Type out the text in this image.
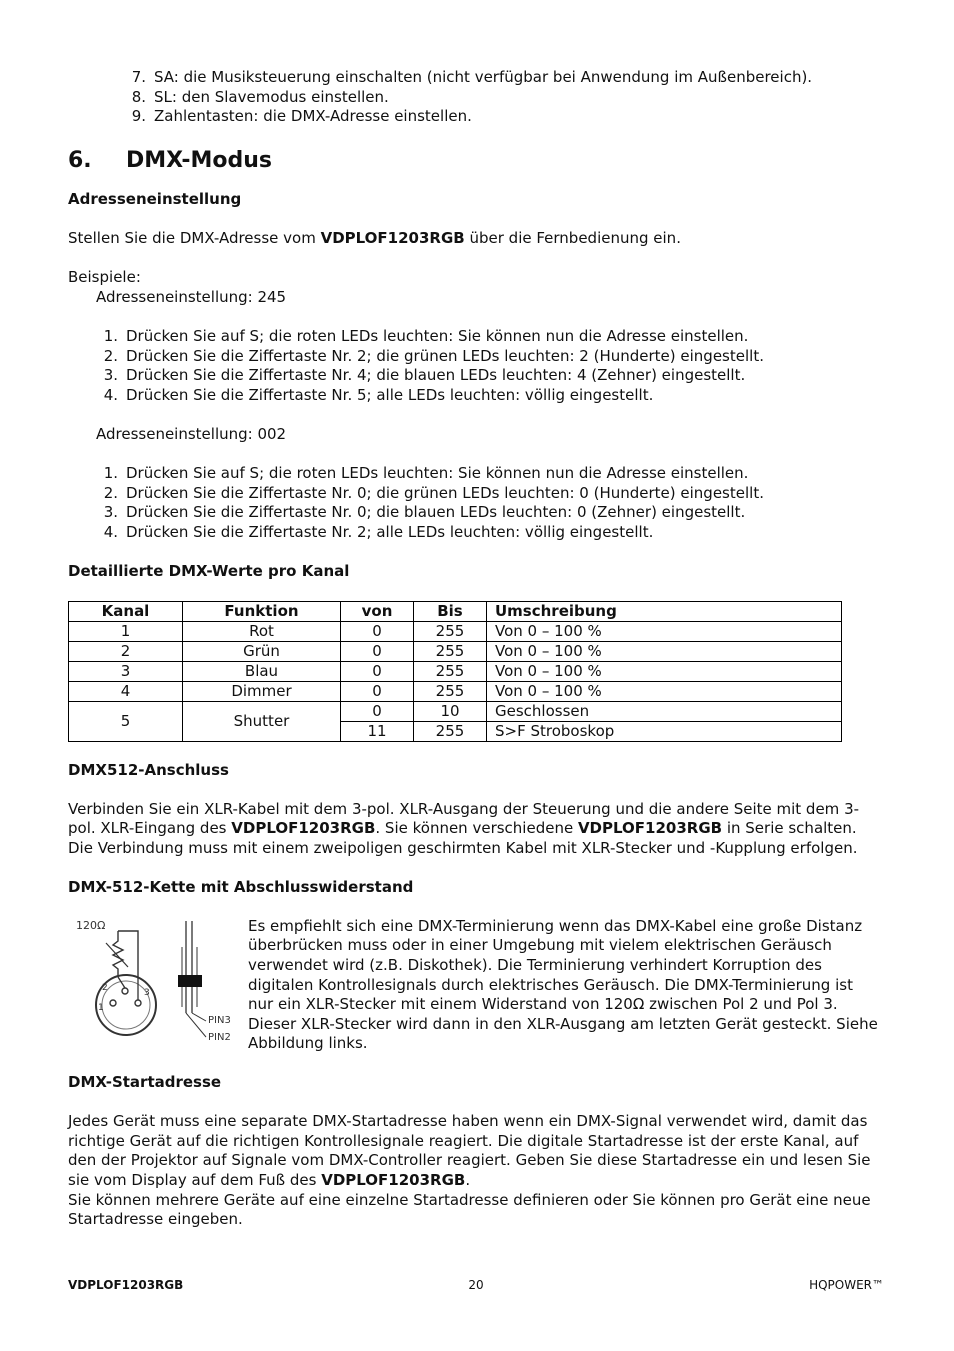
7. SA: die Musiksteuerung einschalten (nicht verfügbar bei Anwendung im Außenbereich).
8. SL: den Slavemodus einstellen.
9. Zahlentasten: die DMX-Adresse einstellen.
6. DMX-Modus
Adresseneinstellung

Stellen Sie die DMX-Adresse vom VDPLOF1203RGB über die Fernbedienung ein.

Beispiele:

Adresseneinstellung: 245

1. Drücken Sie auf S; die roten LEDs leuchten: Sie können nun die Adresse einstellen.
2. Drücken Sie die Ziffertaste Nr. 2; die grünen LEDs leuchten: 2 (Hunderte) eingestellt.
3. Drücken Sie die Ziffertaste Nr. 4; die blauen LEDs leuchten: 4 (Zehner) eingestellt.
4. Drücken Sie die Ziffertaste Nr. 5; alle LEDs leuchten: völlig eingestellt.

Adresseneinstellung: 002

1. Drücken Sie auf S; die roten LEDs leuchten: Sie können nun die Adresse einstellen.
2. Drücken Sie die Ziffertaste Nr. 0; die grünen LEDs leuchten: 0 (Hunderte) eingestellt.
3. Drücken Sie die Ziffertaste Nr. 0; die blauen LEDs leuchten: 0 (Zehner) eingestellt.
4. Drücken Sie die Ziffertaste Nr. 2; alle LEDs leuchten: völlig eingestellt.
Detaillierte DMX-Werte pro Kanal
Kanal	Funktion	von	Bis	Umschreibung
1	Rot	0	255	Von 0 – 100 %
2	Grün	0	255	Von 0 – 100 %
3	Blau	0	255	Von 0 – 100 %
4	Dimmer	0	255	Von 0 – 100 %
5	Shutter	0	10	Geschlossen
		11	255	S>F Stroboskop
DMX512-Anschluss

Verbinden Sie ein XLR-Kabel mit dem 3-pol. XLR-Ausgang der Steuerung und die andere Seite mit dem 3-pol. XLR-Eingang des VDPLOF1203RGB. Sie können verschiedene VDPLOF1203RGB in Serie schalten. Die Verbindung muss mit einem zweipoligen geschirmten Kabel mit XLR-Stecker und -Kupplung erfolgen.

DMX-512-Kette mit Abschlusswiderstand
120Ω
1
2	3
PIN3
PIN2

Es empfiehlt sich eine DMX-Terminierung wenn das DMX-Kabel eine große Distanz überbrücken muss oder in einer Umgebung mit vielem elektrischen Geräusch verwendet wird (z.B. Diskothek). Die Terminierung verhindert Korruption des digitalen Kontrollesignals durch elektrisches Geräusch. Die DMX-Terminierung ist nur ein XLR-Stecker mit einem Widerstand von 120Ω zwischen Pol 2 und Pol 3. Dieser XLR-Stecker wird dann in den XLR-Ausgang am letzten Gerät gesteckt. Siehe Abbildung links.

DMX-Startadresse

Jedes Gerät muss eine separate DMX-Startadresse haben wenn ein DMX-Signal verwendet wird, damit das richtige Gerät auf die richtigen Kontrollesignale reagiert. Die digitale Startadresse ist der erste Kanal, auf den der Projektor auf Signale vom DMX-Controller reagiert. Geben Sie diese Startadresse ein und lesen Sie sie vom Display auf dem Fuß des VDPLOF1203RGB.

Sie können mehrere Geräte auf eine einzelne Startadresse definieren oder Sie können pro Gerät eine neue Startadresse eingeben.

VDPLOF1203RGB	20	HQPOWER™
